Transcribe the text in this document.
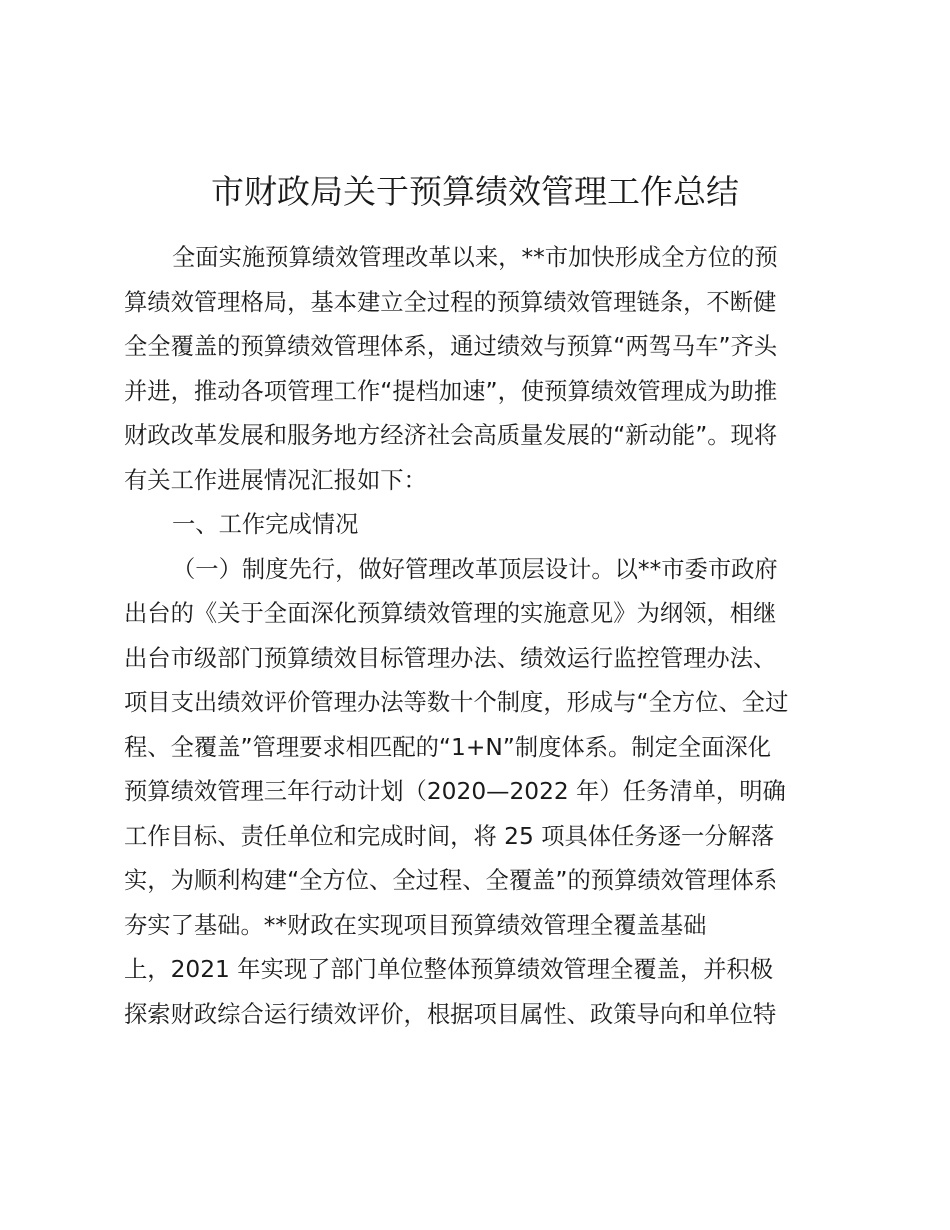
市财政局关于预算绩效管理工作总结
全面实施预算绩效管理改革以来，**市加快形成全方位的预
算绩效管理格局，基本建立全过程的预算绩效管理链条，不断健
全全覆盖的预算绩效管理体系，通过绩效与预算“两驾马车”齐头
并进，推动各项管理工作“提档加速”，使预算绩效管理成为助推
财政改革发展和服务地方经济社会高质量发展的“新动能”。现将
有关工作进展情况汇报如下：
一、工作完成情况
（一）制度先行，做好管理改革顶层设计。以**市委市政府
出台的《关于全面深化预算绩效管理的实施意见》为纲领，相继
出台市级部门预算绩效目标管理办法、绩效运行监控管理办法、
项目支出绩效评价管理办法等数十个制度，形成与“全方位、全过
程、全覆盖”管理要求相匹配的“1+N”制度体系。制定全面深化
预算绩效管理三年行动计划（2020—2022 年）任务清单，明确
工作目标、责任单位和完成时间，将 25 项具体任务逐一分解落
实，为顺利构建“全方位、全过程、全覆盖”的预算绩效管理体系
夯实了基础。**财政在实现项目预算绩效管理全覆盖基础
上，2021 年实现了部门单位整体预算绩效管理全覆盖，并积极
探索财政综合运行绩效评价，根据项目属性、政策导向和单位特
